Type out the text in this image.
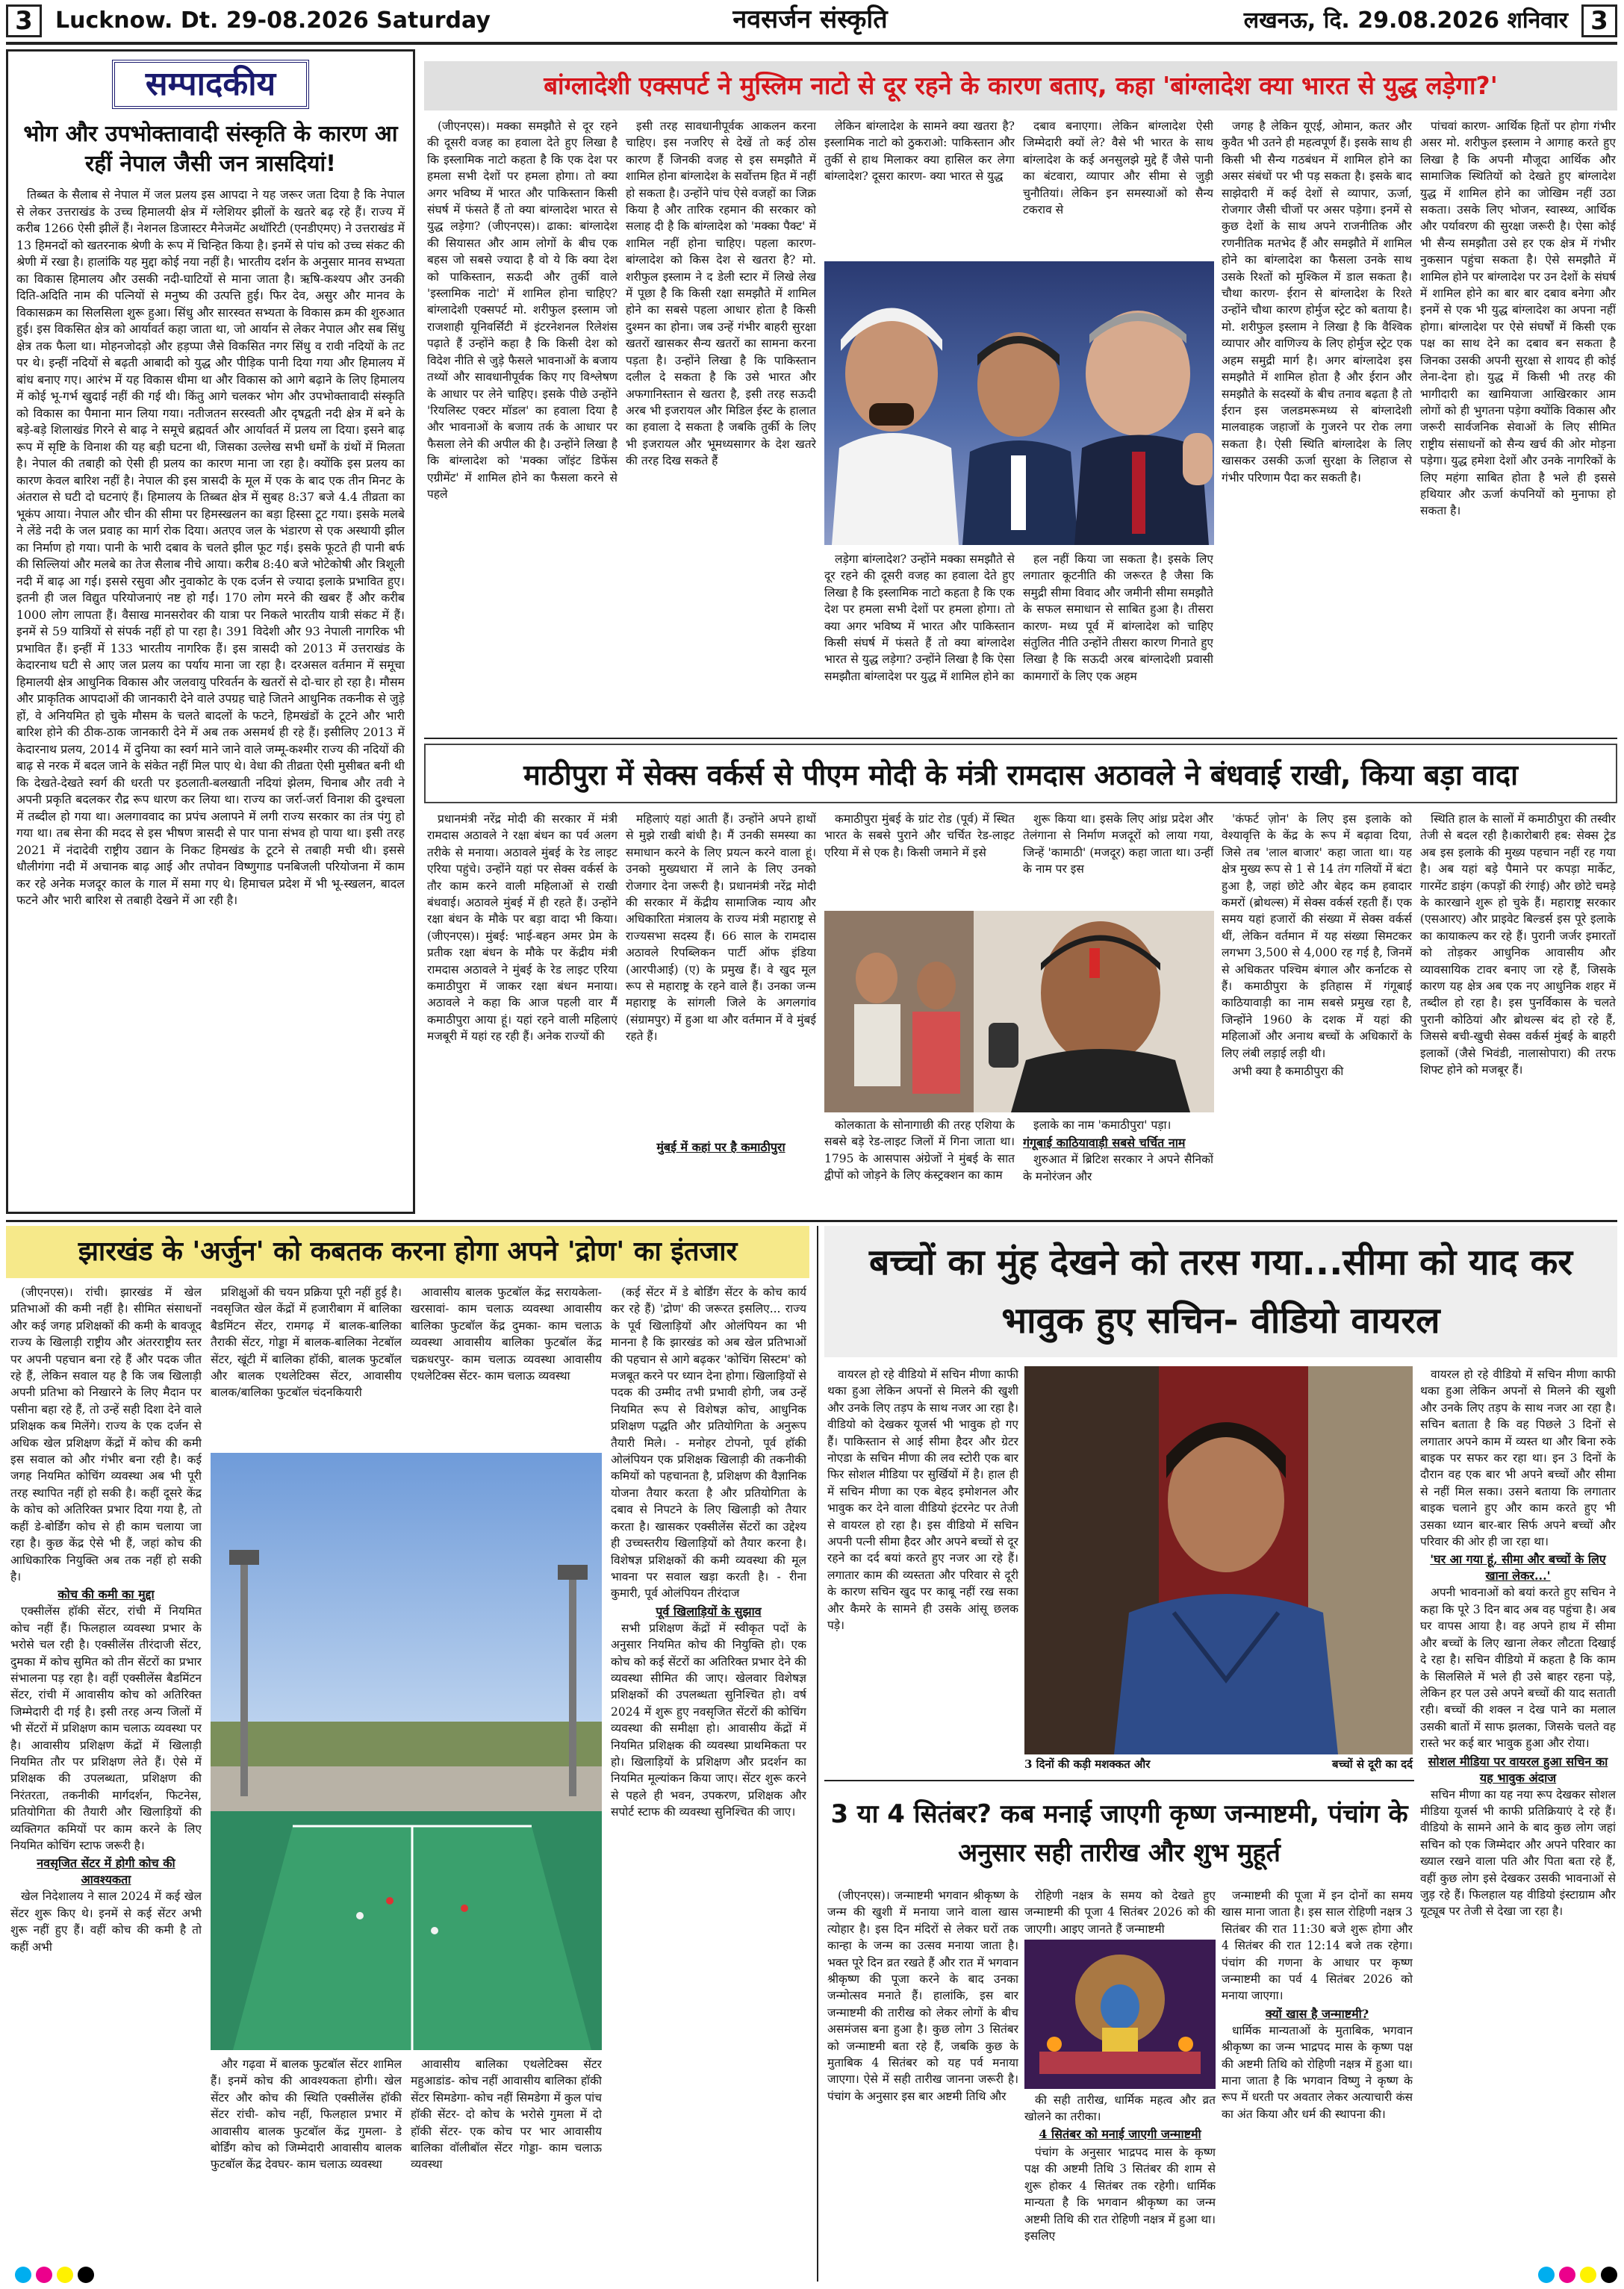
3	Lucknow. Dt. 29-08.2026 Saturday	नवसर्जन संस्कृति	लखनऊ, दि. 29.08.2026 शनिवार 3
सम्पादकीय
भोग और उपभोक्तावादी संस्कृति के कारण आ रहीं नेपाल जैसी जन त्रासदियां!

तिब्बत के सैलाब से नेपाल में जल प्रलय इस आपदा ने यह जरूर जता दिया है कि नेपाल से लेकर उत्तराखंड के उच्च हिमालयी क्षेत्र में ग्लेशियर झीलों के खतरे बढ़ रहे हैं। राज्य में करीब 1266 ऐसी झीलें हैं। नेशनल डिजास्टर मैनेजमेंट अथॉरिटी (एनडीएमए) ने उत्तराखंड में 13 हिमनदों को खतरनाक श्रेणी के रूप में चिन्हित किया है। इनमें से पांच को उच्च संकट की श्रेणी में रखा है। हालांकि यह मुद्दा कोई नया नहीं है। भारतीय दर्शन के अनुसार मानव सभ्यता का विकास हिमालय और उसकी नदी-घाटियों से माना जाता है। ऋषि-कश्यप और उनकी दिति-अदिति नाम की पत्नियों से मनुष्य की उत्पत्ति हुई। फिर देव, असुर और मानव के विकासक्रम का सिलसिला शुरू हुआ। सिंधु और सारस्वत सभ्यता के विकास क्रम की शुरुआत हुई। इस विकसित क्षेत्र को आर्यावर्त कहा जाता था, जो आर्यान से लेकर नेपाल और सब सिंधु क्षेत्र तक फैला था। मोहनजोदड़ो और हड़प्पा जैसे विकसित नगर सिंधु व रावी नदियों के तट पर थे। इन्हीं नदियों से बढ़ती आबादी को युद्ध और पीड़िक पानी दिया गया और हिमालय में बांध बनाए गए। आरंभ में यह विकास धीमा था और विकास को आगे बढ़ाने के लिए हिमालय में कोई भू-गर्भ खुदाई नहीं की गई थी। किंतु आगे चलकर भोग और उपभोक्तावादी संस्कृति को विकास का पैमाना मान लिया गया। नतीजतन सरस्वती और दृषद्वती नदी क्षेत्र में बने के बड़े-बड़े शिलाखंड गिरने से बाढ़ ने समूचे ब्रह्मवर्त और आर्यावर्त में प्रलय ला दिया। इसने बाढ़ रूप में सृष्टि के विनाश की यह बड़ी घटना थी, जिसका उल्लेख सभी धर्मों के ग्रंथों में मिलता है। नेपाल की तबाही को ऐसी ही प्रलय का कारण माना जा रहा है। क्योंकि इस प्रलय का कारण केवल बारिश नहीं है। नेपाल की इस त्रासदी के मूल में एक के बाद एक तीन मिनट के अंतराल से घटी दो घटनाएं हैं। हिमालय के तिब्बत क्षेत्र में सुबह 8:37 बजे 4.4 तीव्रता का भूकंप आया। नेपाल और चीन की सीमा पर हिमस्खलन का बड़ा हिस्सा टूट गया। इसके मलबे ने लेंडे नदी के जल प्रवाह का मार्ग रोक दिया। अतएव जल के भंडारण से एक अस्थायी झील का निर्माण हो गया। पानी के भारी दबाव के चलते झील फूट गई। इसके फूटते ही पानी बर्फ की सिल्लियां और मलबे का तेज सैलाब नीचे आया। करीब 8:40 बजे भोटेकोषी और त्रिशूली नदी में बाढ़ आ गई। इससे रसुवा और नुवाकोट के एक दर्जन से ज्यादा इलाके प्रभावित हुए। इतनी ही जल विद्युत परियोजनाएं नष्ट हो गईं। 170 लोग मरने की खबर हैं और करीब 1000 लोग लापता हैं। वैसाख मानसरोवर की यात्रा पर निकले भारतीय यात्री संकट में हैं। इनमें से 59 यात्रियों से संपर्क नहीं हो पा रहा है। 391 विदेशी और 93 नेपाली नागरिक भी प्रभावित हैं। इन्हीं में 133 भारतीय नागरिक हैं। इस त्रासदी को 2013 में उत्तराखंड के केदारनाथ घटी से आए जल प्रलय का पर्याय माना जा रहा है। दरअसल वर्तमान में समूचा हिमालयी क्षेत्र आधुनिक विकास और जलवायु परिवर्तन के खतरों से दो-चार हो रहा है। मौसम और प्राकृतिक आपदाओं की जानकारी देने वाले उपग्रह चाहे जितने आधुनिक तकनीक से जुड़े हों, वे अनियमित हो चुके मौसम के चलते बादलों के फटने, हिमखंडों के टूटने और भारी बारिश होने की ठीक-ठाक जानकारी देने में अब तक असमर्थ ही रहे हैं। इसीलिए 2013 में केदारनाथ प्रलय, 2014 में दुनिया का स्वर्ग माने जाने वाले जम्मू-कश्मीर राज्य की नदियों की बाढ़ से नरक में बदल जाने के संकेत नहीं मिल पाए थे। वेधा की तीव्रता ऐसी मुसीबत बनी थी कि देखते-देखते स्वर्ग की धरती पर इठलाती-बलखाती नदियां झेलम, चिनाब और तवी ने अपनी प्रकृति बदलकर रौद्र रूप धारण कर लिया था। राज्य का जर्रा-जर्रा विनाश की दुश्चला में तब्दील हो गया था। अलगाववाद का प्रपंच अलापने में लगी राज्य सरकार का तंत्र पंगु हो गया था। तब सेना की मदद से इस भीषण त्रासदी से पार पाना संभव हो पाया था। इसी तरह 2021 में नंदादेवी राष्ट्रीय उद्यान के निकट हिमखंड के टूटने से तबाही मची थी। इससे धौलीगंगा नदी में अचानक बाढ़ आई और तपोवन विष्णुगाड पनबिजली परियोजना में काम कर रहे अनेक मजदूर काल के गाल में समा गए थे। हिमाचल प्रदेश में भी भू-स्खलन, बादल फटने और भारी बारिश से तबाही देखने में आ रही है।

बांग्लादेशी एक्सपर्ट ने मुस्लिम नाटो से दूर रहने के कारण बताए, कहा 'बांग्लादेश क्या भारत से युद्ध लड़ेगा?'

(जीएनएस)। मक्का समझौते से दूर रहने की दूसरी वजह का हवाला देते हुए लिखा है कि इस्लामिक नाटो कहता है कि एक देश पर हमला सभी देशों पर हमला होगा। तो क्या अगर भविष्य में भारत और पाकिस्तान किसी संघर्ष में फंसते हैं तो क्या बांग्लादेश भारत से युद्ध लड़ेगा? (जीएनएस)। ढाका: बांग्लादेश की सियासत और आम लोगों के बीच एक बहस जो सबसे ज्यादा है वो ये कि क्या देश को पाकिस्तान, सऊदी और तुर्की वाले 'इस्लामिक नाटो' में शामिल होना चाहिए? बांग्लादेशी एक्सपर्ट मो. शरीफुल इस्लाम जो राजशाही यूनिवर्सिटी में इंटरनेशनल रिलेशंस पढ़ाते हैं उन्होंने कहा है कि किसी देश को विदेश नीति से जुड़े फैसले भावनाओं के बजाय तथ्यों और सावधानीपूर्वक किए गए विश्लेषण के आधार पर लेने चाहिए। इसके पीछे उन्होंने 'रियलिस्ट एक्टर मॉडल' का हवाला दिया है और भावनाओं के बजाय तर्क के आधार पर फैसला लेने की अपील की है। उन्होंने लिखा है कि बांग्लादेश को 'मक्का जॉइंट डिफेंस एग्रीमेंट' में शामिल होने का फैसला करने से पहले

इसी तरह सावधानीपूर्वक आकलन करना चाहिए। इस नजरिए से देखें तो कई ठोस कारण हैं जिनकी वजह से इस समझौते में शामिल होना बांग्लादेश के सर्वोत्तम हित में नहीं हो सकता है। उन्होंने पांच ऐसे वजहों का जिक्र किया है और तारिक रहमान की सरकार को सलाह दी है कि बांग्लादेश को 'मक्का पैक्ट' में शामिल नहीं होना चाहिए। पहला कारण- बांग्लादेश को किस देश से खतरा है? मो. शरीफुल इस्लाम ने द डेली स्टार में लिखे लेख में पूछा है कि किसी रक्षा समझौते में शामिल होने का सबसे पहला आधार होता है किसी दुश्मन का होना। जब उन्हें गंभीर बाहरी सुरक्षा खतरों खासकर सैन्य खतरों का सामना करना पड़ता है। उन्होंने लिखा है कि पाकिस्तान दलील दे सकता है कि उसे भारत और अफगानिस्तान से खतरा है, इसी तरह सऊदी अरब भी इजरायल और मिडिल ईस्ट के हालात का हवाला दे सकता है जबकि तुर्की के लिए भी इजरायल और भूमध्यसागर के देश खतरे की तरह दिख सकते हैं

लेकिन बांग्लादेश के सामने क्या खतरा है? इस्लामिक नाटो को ठुकराओ: पाकिस्तान और तुर्की से हाथ मिलाकर क्या हासिल कर लेगा बांग्लादेश? दूसरा कारण- क्या भारत से युद्ध

दबाव बनाएगा। लेकिन बांग्लादेश ऐसी जिम्मेदारी क्यों ले? वैसे भी भारत के साथ बांग्लादेश के कई अनसुलझे मुद्दे हैं जैसे पानी का बंटवारा, व्यापार और सीमा से जुड़ी चुनौतियां। लेकिन इन समस्याओं को सैन्य टकराव से

जगह है लेकिन यूएई, ओमान, कतर और कुवैत भी उतने ही महत्वपूर्ण हैं। इसके साथ ही किसी भी सैन्य गठबंधन में शामिल होने का असर संबंधों पर भी पड़ सकता है। इसके बाद साझेदारी में कई देशों से व्यापार, ऊर्जा, रोजगार जैसी चीजों पर असर पड़ेगा। इनमें से कुछ देशों के साथ अपने राजनीतिक और रणनीतिक मतभेद हैं और समझौते में शामिल होने का बांग्लादेश का फैसला उनके साथ उसके रिश्तों को मुश्किल में डाल सकता है। चौथा कारण- ईरान से बांग्लादेश के रिश्ते उन्होंने चौथा कारण होर्मुज स्ट्रेट को बताया है। मो. शरीफुल इस्लाम ने लिखा है कि वैश्विक व्यापार और वाणिज्य के लिए होर्मुज स्ट्रेट एक अहम समुद्री मार्ग है। अगर बांग्लादेश इस समझौते में शामिल होता है और ईरान और समझौते के सदस्यों के बीच तनाव बढ़ता है तो ईरान इस जलडमरूमध्य से बांग्लादेशी मालवाहक जहाजों के गुजरने पर रोक लगा सकता है। ऐसी स्थिति बांग्लादेश के लिए खासकर उसकी ऊर्जा सुरक्षा के लिहाज से गंभीर परिणाम पैदा कर सकती है।

पांचवां कारण- आर्थिक हितों पर होगा गंभीर असर मो. शरीफुल इस्लाम ने आगाह करते हुए लिखा है कि अपनी मौजूदा आर्थिक और सामाजिक स्थितियों को देखते हुए बांग्लादेश युद्ध में शामिल होने का जोखिम नहीं उठा सकता। उसके लिए भोजन, स्वास्थ्य, आर्थिक और पर्यावरण की सुरक्षा जरूरी है। ऐसा कोई भी सैन्य समझौता उसे हर एक क्षेत्र में गंभीर नुकसान पहुंचा सकता है। ऐसे समझौते में शामिल होने पर बांग्लादेश पर उन देशों के संघर्ष में शामिल होने का बार बार दबाव बनेगा और इनमें से एक भी युद्ध बांग्लादेश का अपना नहीं होगा। बांग्लादेश पर ऐसे संघर्षों में किसी एक पक्ष का साथ देने का दबाव बन सकता है जिनका उसकी अपनी सुरक्षा से शायद ही कोई लेना-देना हो। युद्ध में किसी भी तरह की भागीदारी का खामियाजा आखिरकार आम लोगों को ही भुगतना पड़ेगा क्योंकि विकास और जरूरी सार्वजनिक सेवाओं के लिए सीमित राष्ट्रीय संसाधनों को सैन्य खर्च की ओर मोड़ना पड़ेगा। युद्ध हमेशा देशों और उनके नागरिकों के लिए महंगा साबित होता है भले ही इससे हथियार और ऊर्जा कंपनियों को मुनाफा हो सकता है।

लड़ेगा बांग्लादेश? उन्होंने मक्का समझौते से दूर रहने की दूसरी वजह का हवाला देते हुए लिखा है कि इस्लामिक नाटो कहता है कि एक देश पर हमला सभी देशों पर हमला होगा। तो क्या अगर भविष्य में भारत और पाकिस्तान किसी संघर्ष में फंसते हैं तो क्या बांग्लादेश भारत से युद्ध लड़ेगा? उन्होंने लिखा है कि ऐसा समझौता बांग्लादेश पर युद्ध में शामिल होने का

हल नहीं किया जा सकता है। इसके लिए लगातार कूटनीति की जरूरत है जैसा कि समुद्री सीमा विवाद और जमीनी सीमा समझौते के सफल समाधान से साबित हुआ है। तीसरा कारण- मध्य पूर्व में बांग्लादेश को चाहिए संतुलित नीति उन्होंने तीसरा कारण गिनाते हुए लिखा है कि सऊदी अरब बांग्लादेशी प्रवासी कामगारों के लिए एक अहम

माठीपुरा में सेक्स वर्कर्स से पीएम मोदी के मंत्री रामदास अठावले ने बंधवाई राखी, किया बड़ा वादा

प्रधानमंत्री नरेंद्र मोदी की सरकार में मंत्री रामदास अठावले ने रक्षा बंधन का पर्व अलग तरीके से मनाया। अठावले मुंबई के रेड लाइट एरिया पहुंचे। उन्होंने यहां पर सेक्स वर्कर्स के तौर काम करने वाली महिलाओं से राखी बंधवाई। अठावले मुंबई में ही रहते हैं। उन्होंने रक्षा बंधन के मौके पर बड़ा वादा भी किया। (जीएनएस)। मुंबई: भाई-बहन अमर प्रेम के प्रतीक रक्षा बंधन के मौके पर केंद्रीय मंत्री रामदास अठावले ने मुंबई के रेड लाइट एरिया कमाठीपुरा में जाकर रक्षा बंधन मनाया। अठावले ने कहा कि आज पहली वार मैं कमाठीपुरा आया हूं। यहां रहने वाली महिलाएं मजबूरी में यहां रह रही हैं। अनेक राज्यों की

महिलाएं यहां आती हैं। उन्होंने अपने हाथों से मुझे राखी बांधी है। मैं उनकी समस्या का समाधान करने के लिए प्रयत्न करने वाला हूं। उनको मुख्यधारा में लाने के लिए उनको रोजगार देना जरूरी है। प्रधानमंत्री नरेंद्र मोदी की सरकार में केंद्रीय सामाजिक न्याय और अधिकारिता मंत्रालय के राज्य मंत्री महाराष्ट्र से राज्यसभा सदस्य हैं। 66 साल के रामदास अठावले रिपब्लिकन पार्टी ऑफ इंडिया (आरपीआई) (ए) के प्रमुख हैं। वे खुद मूल रूप से महाराष्ट्र के रहने वाले हैं। उनका जन्म महाराष्ट्र के सांगली जिले के अगलगांव (संग्रामपुर) में हुआ था और वर्तमान में वे मुंबई रहते हैं।

मुंबई में कहां पर है कमाठीपुरा

कमाठीपुरा मुंबई के ग्रांट रोड (पूर्व) में स्थित भारत के सबसे पुराने और चर्चित रेड-लाइट एरिया में से एक है। किसी जमाने में इसे

शुरू किया था। इसके लिए आंध्र प्रदेश और तेलंगाना से निर्माण मजदूरों को लाया गया, जिन्हें 'कामाठी' (मजदूर) कहा जाता था। उन्हीं के नाम पर इस

'कंफर्ट ज़ोन' के लिए इस इलाके को वेश्यावृत्ति के केंद्र के रूप में बढ़ावा दिया, जिसे तब 'लाल बाजार' कहा जाता था। यह क्षेत्र मुख्य रूप से 1 से 14 तंग गलियों में बंटा हुआ है, जहां छोटे और बेहद कम हवादार कमरों (ब्रोथल्स) में सेक्स वर्कर्स रहती हैं। एक समय यहां हजारों की संख्या में सेक्स वर्कर्स थीं, लेकिन वर्तमान में यह संख्या सिमटकर लगभग 3,500 से 4,000 रह गई है, जिनमें से अधिकतर पश्चिम बंगाल और कर्नाटक से हैं। कमाठीपुरा के इतिहास में गंगूबाई काठियावाड़ी का नाम सबसे प्रमुख रहा है, जिन्होंने 1960 के दशक में यहां की महिलाओं और अनाथ बच्चों के अधिकारों के लिए लंबी लड़ाई लड़ी थी।

अभी क्या है कमाठीपुरा की

स्थिति हाल के सालों में कमाठीपुरा की तस्वीर तेजी से बदल रही है।कारोबारी हब: सेक्स ट्रेड अब इस इलाके की मुख्य पहचान नहीं रह गया है। अब यहां बड़े पैमाने पर कपड़ा मार्केट, गारमेंट डाइंग (कपड़ों की रंगाई) और छोटे चमड़े के कारखाने शुरू हो चुके हैं। महाराष्ट्र सरकार (एसआरए) और प्राइवेट बिल्डर्स इस पूरे इलाके का कायाकल्प कर रहे हैं। पुरानी जर्जर इमारतों को तोड़कर आधुनिक आवासीय और व्यावसायिक टावर बनाए जा रहे हैं, जिसके कारण यह क्षेत्र अब एक नए आधुनिक शहर में तब्दील हो रहा है। इस पुनर्विकास के चलते पुरानी कोठियां और ब्रोथल्स बंद हो रहे हैं, जिससे बची-खुची सेक्स वर्कर्स मुंबई के बाहरी इलाकों (जैसे भिवंडी, नालासोपारा) की तरफ शिफ्ट होने को मजबूर हैं।

कोलकाता के सोनागाछी की तरह एशिया के सबसे बड़े रेड-लाइट जिलों में गिना जाता था। 1795 के आसपास अंग्रेजों ने मुंबई के सात द्वीपों को जोड़ने के लिए कंस्ट्रक्शन का काम

इलाके का नाम 'कमाठीपुरा' पड़ा।

गंगूबाई काठियावाड़ी सबसे चर्चित नाम

शुरुआत में ब्रिटिश सरकार ने अपने सैनिकों के मनोरंजन और

झारखंड के 'अर्जुन' को कबतक करना होगा अपने 'द्रोण' का इंतजार

(जीएनएस)। रांची। झारखंड में खेल प्रतिभाओं की कमी नहीं है। सीमित संसाधनों और कई जगह प्रशिक्षकों की कमी के बावजूद राज्य के खिलाड़ी राष्ट्रीय और अंतरराष्ट्रीय स्तर पर अपनी पहचान बना रहे हैं और पदक जीत रहे हैं, लेकिन सवाल यह है कि जब खिलाड़ी अपनी प्रतिभा को निखारने के लिए मैदान पर पसीना बहा रहे हैं, तो उन्हें सही दिशा देने वाले प्रशिक्षक कब मिलेंगे। राज्य के एक दर्जन से अधिक खेल प्रशिक्षण केंद्रों में कोच की कमी इस सवाल को और गंभीर बना रही है। कई जगह नियमित कोचिंग व्यवस्था अब भी पूरी तरह स्थापित नहीं हो सकी है। कहीं दूसरे केंद्र के कोच को अतिरिक्त प्रभार दिया गया है, तो कहीं डे-बोर्डिंग कोच से ही काम चलाया जा रहा है। कुछ केंद्र ऐसे भी हैं, जहां कोच की आधिकारिक नियुक्ति अब तक नहीं हो सकी है।

कोच की कमी का मुद्दा

एक्सीलेंस हॉकी सेंटर, रांची में नियमित कोच नहीं हैं। फिलहाल व्यवस्था प्रभार के भरोसे चल रही है। एक्सीलेंस तीरंदाजी सेंटर, दुमका में कोच सुमित को तीन सेंटरों का प्रभार संभालना पड़ रहा है। वहीं एक्सीलेंस बैडमिंटन सेंटर, रांची में आवासीय कोच को अतिरिक्त जिम्मेदारी दी गई है। इसी तरह अन्य जिलों में भी सेंटरों में प्रशिक्षण काम चलाऊ व्यवस्था पर है। आवासीय प्रशिक्षण केंद्रों में खिलाड़ी नियमित तौर पर प्रशिक्षण लेते हैं। ऐसे में प्रशिक्षक की उपलब्धता, प्रशिक्षण की निरंतरता, तकनीकी मार्गदर्शन, फिटनेस, प्रतियोगिता की तैयारी और खिलाड़ियों की व्यक्तिगत कमियों पर काम करने के लिए नियमित कोचिंग स्टाफ जरूरी है।

नवसृजित सेंटर में होगी कोच की आवश्यकता

खेल निदेशालय ने साल 2024 में कई खेल सेंटर शुरू किए थे। इनमें से कई सेंटर अभी शुरू नहीं हुए हैं। वहीं कोच की कमी है तो कहीं अभी

प्रशिक्षुओं की चयन प्रक्रिया पूरी नहीं हुई है। नवसृजित खेल केंद्रों में हजारीबाग में बालिका बैडमिंटन सेंटर, रामगढ़ में बालक-बालिका तैराकी सेंटर, गोड्डा में बालक-बालिका नेटबॉल सेंटर, खूंटी में बालिका हॉकी, बालक फुटबॉल और बालक एथलेटिक्स सेंटर, आवासीय बालक/बालिका फुटबॉल चंदनकियारी

आवासीय बालक फुटबॉल केंद्र सरायकेला-खरसावां- काम चलाऊ व्यवस्था आवासीय बालिका फुटबॉल केंद्र दुमका- काम चलाऊ व्यवस्था आवासीय बालिका फुटबॉल केंद्र चक्रधरपुर- काम चलाऊ व्यवस्था आवासीय एथलेटिक्स सेंटर- काम चलाऊ व्यवस्था

और गढ़वा में बालक फुटबॉल सेंटर शामिल हैं। इनमें कोच की आवश्यकता होगी। खेल सेंटर और कोच की स्थिति एक्सीलेंस हॉकी सेंटर रांची- कोच नहीं, फिलहाल प्रभार में आवासीय बालक फुटबॉल केंद्र गुमला- डे बोर्डिंग कोच को जिम्मेदारी आवासीय बालक फुटबॉल केंद्र देवघर- काम चलाऊ व्यवस्था

आवासीय बालिका एथलेटिक्स सेंटर महुआडांड- कोच नहीं आवासीय बालिका हॉकी सेंटर सिमडेगा- कोच नहीं सिमडेगा में कुल पांच हॉकी सेंटर- दो कोच के भरोसे गुमला में दो हॉकी सेंटर- एक कोच पर भार आवासीय बालिका वॉलीबॉल सेंटर गोड्डा- काम चलाऊ व्यवस्था

(कई सेंटर में डे बोर्डिंग सेंटर के कोच कार्य कर रहे हैं) 'द्रोण' की जरूरत इसलिए... राज्य के पूर्व खिलाड़ियों और ओलंपियन का भी मानना है कि झारखंड को अब खेल प्रतिभाओं की पहचान से आगे बढ़कर 'कोचिंग सिस्टम' को मजबूत करने पर ध्यान देना होगा। खिलाड़ियों से पदक की उम्मीद तभी प्रभावी होगी, जब उन्हें नियमित रूप से विशेषज्ञ कोच, आधुनिक प्रशिक्षण पद्धति और प्रतियोगिता के अनुरूप तैयारी मिले। - मनोहर टोपनो, पूर्व हॉकी ओलंपियन एक प्रशिक्षक खिलाड़ी की तकनीकी कमियों को पहचानता है, प्रशिक्षण की वैज्ञानिक योजना तैयार करता है और प्रतियोगिता के दबाव से निपटने के लिए खिलाड़ी को तैयार करता है। खासकर एक्सीलेंस सेंटरों का उद्देश्य ही उच्चस्तरीय खिलाड़ियों को तैयार करना है। विशेषज्ञ प्रशिक्षकों की कमी व्यवस्था की मूल भावना पर सवाल खड़ा करती है। - रीना कुमारी, पूर्व ओलंपियन तीरंदाज

पूर्व खिलाड़ियों के सुझाव

सभी प्रशिक्षण केंद्रों में स्वीकृत पदों के अनुसार नियमित कोच की नियुक्ति हो। एक कोच को कई सेंटरों का अतिरिक्त प्रभार देने की व्यवस्था सीमित की जाए। खेलवार विशेषज्ञ प्रशिक्षकों की उपलब्धता सुनिश्चित हो। वर्ष 2024 में शुरू हुए नवसृजित सेंटरों की कोचिंग व्यवस्था की समीक्षा हो। आवासीय केंद्रों में नियमित प्रशिक्षक की व्यवस्था प्राथमिकता पर हो। खिलाड़ियों के प्रशिक्षण और प्रदर्शन का नियमित मूल्यांकन किया जाए। सेंटर शुरू करने से पहले ही भवन, उपकरण, प्रशिक्षक और सपोर्ट स्टाफ की व्यवस्था सुनिश्चित की जाए।

बच्चों का मुंह देखने को तरस गया...सीमा को याद कर भावुक हुए सचिन- वीडियो वायरल

वायरल हो रहे वीडियो में सचिन मीणा काफी थका हुआ लेकिन अपनों से मिलने की खुशी और उनके लिए तड़प के साथ नजर आ रहा है। वीडियो को देखकर यूजर्स भी भावुक हो गए हैं। पाकिस्तान से आई सीमा हैदर और ग्रेटर नोएडा के सचिन मीणा की लव स्टोरी एक बार फिर सोशल मीडिया पर सुर्खियों में है। हाल ही में सचिन मीणा का एक बेहद इमोशनल और भावुक कर देने वाला वीडियो इंटरनेट पर तेजी से वायरल हो रहा है। इस वीडियो में सचिन अपनी पत्नी सीमा हैदर और अपने बच्चों से दूर रहने का दर्द बयां करते हुए नजर आ रहे हैं। लगातार काम की व्यस्तता और परिवार से दूरी के कारण सचिन खुद पर काबू नहीं रख सका और कैमरे के सामने ही उसके आंसू छलक पड़े।

3 दिनों की कड़ी मशक्कत और	बच्चों से दूरी का दर्द

वायरल हो रहे वीडियो में सचिन मीणा काफी थका हुआ लेकिन अपनों से मिलने की खुशी और उनके लिए तड़प के साथ नजर आ रहा है। सचिन बताता है कि वह पिछले 3 दिनों से लगातार अपने काम में व्यस्त था और बिना रुके बाइक पर सफर कर रहा था। इन 3 दिनों के दौरान वह एक बार भी अपने बच्चों और सीमा से नहीं मिल सका। उसने बताया कि लगातार बाइक चलाने हुए और काम करते हुए भी उसका ध्यान बार-बार सिर्फ अपने बच्चों और परिवार की ओर ही जा रहा था।

'घर आ गया हूं, सीमा और बच्चों के लिए खाना लेकर...'

अपनी भावनाओं को बयां करते हुए सचिन ने कहा कि पूरे 3 दिन बाद अब वह पहुंचा है। अब घर वापस आया है। वह अपने हाथ में सीमा और बच्चों के लिए खाना लेकर लौटता दिखाई दे रहा है। सचिन वीडियो में कहता है कि काम के सिलसिले में भले ही उसे बाहर रहना पड़े, लेकिन हर पल उसे अपने बच्चों की याद सताती रही। बच्चों की शक्ल न देख पाने का मलाल उसकी बातों में साफ झलका, जिसके चलते वह रास्ते भर कई बार भावुक हुआ और रोया।

सोशल मीडिया पर वायरल हुआ सचिन का यह भावुक अंदाज

सचिन मीणा का यह नया रूप देखकर सोशल मीडिया यूजर्स भी काफी प्रतिक्रियाएं दे रहे हैं। वीडियो के सामने आने के बाद कुछ लोग जहां सचिन को एक जिम्मेदार और अपने परिवार का ख्याल रखने वाला पति और पिता बता रहे हैं, वहीं कुछ लोग इसे देखकर उसकी भावनाओं से जुड़ रहे हैं। फिलहाल यह वीडियो इंस्टाग्राम और यूट्यूब पर तेजी से देखा जा रहा है।

3 या 4 सितंबर? कब मनाई जाएगी कृष्ण जन्माष्टमी, पंचांग के अनुसार सही तारीख और शुभ मुहूर्त

(जीएनएस)। जन्माष्टमी भगवान श्रीकृष्ण के जन्म की खुशी में मनाया जाने वाला खास त्योहार है। इस दिन मंदिरों से लेकर घरों तक कान्हा के जन्म का उत्सव मनाया जाता है। भक्त पूरे दिन व्रत रखते हैं और रात में भगवान श्रीकृष्ण की पूजा करने के बाद उनका जन्मोत्सव मनाते हैं। हालांकि, इस बार जन्माष्टमी की तारीख को लेकर लोगों के बीच असमंजस बना हुआ है। कुछ लोग 3 सितंबर को जन्माष्टमी बता रहे हैं, जबकि कुछ के मुताबिक 4 सितंबर को यह पर्व मनाया जाएगा। ऐसे में सही तारीख जानना जरूरी है। पंचांग के अनुसार इस बार अष्टमी तिथि और

रोहिणी नक्षत्र के समय को देखते हुए जन्माष्टमी की पूजा 4 सितंबर 2026 को की जाएगी। आइए जानते हैं जन्माष्टमी

की सही तारीख, धार्मिक महत्व और व्रत खोलने का तरीका।

4 सितंबर को मनाई जाएगी जन्माष्टमी

पंचांग के अनुसार भाद्रपद मास के कृष्ण पक्ष की अष्टमी तिथि 3 सितंबर की शाम से शुरू होकर 4 सितंबर तक रहेगी। धार्मिक मान्यता है कि भगवान श्रीकृष्ण का जन्म अष्टमी तिथि की रात रोहिणी नक्षत्र में हुआ था। इसलिए

जन्माष्टमी की पूजा में इन दोनों का समय खास माना जाता है। इस साल रोहिणी नक्षत्र 3 सितंबर की रात 11:30 बजे शुरू होगा और 4 सितंबर की रात 12:14 बजे तक रहेगा। पंचांग की गणना के आधार पर कृष्ण जन्माष्टमी का पर्व 4 सितंबर 2026 को मनाया जाएगा।

क्यों खास है जन्माष्टमी?

धार्मिक मान्यताओं के मुताबिक, भगवान श्रीकृष्ण का जन्म भाद्रपद मास के कृष्ण पक्ष की अष्टमी तिथि को रोहिणी नक्षत्र में हुआ था। माना जाता है कि भगवान विष्णु ने कृष्ण के रूप में धरती पर अवतार लेकर अत्याचारी कंस का अंत किया और धर्म की स्थापना की।
